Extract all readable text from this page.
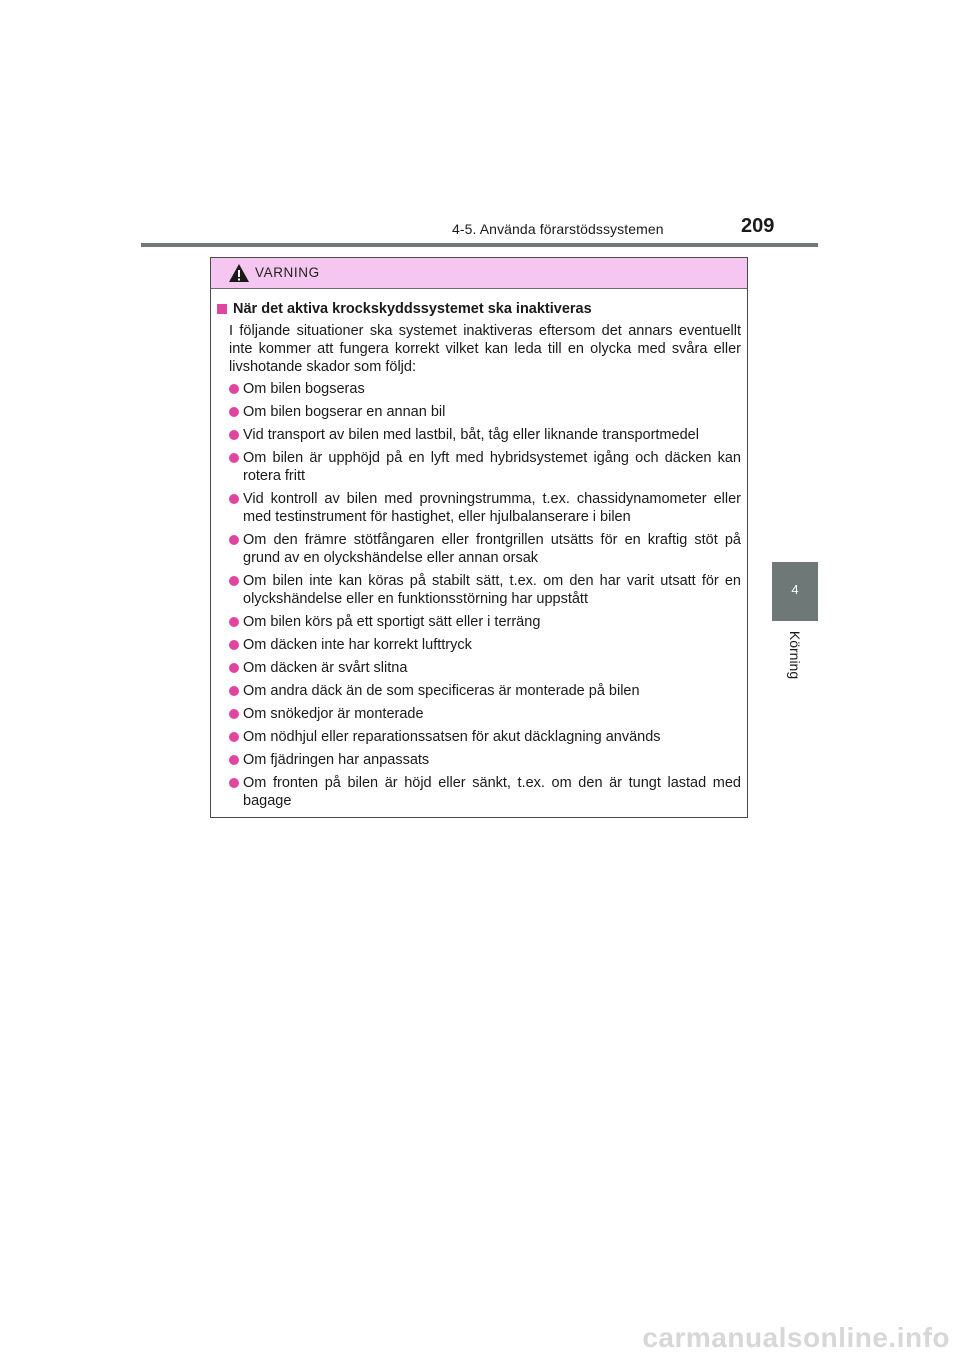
4-5. Använda förarstödssystemen	209
4
Körning
VARNING
När det aktiva krockskyddssystemet ska inaktiveras
I följande situationer ska systemet inaktiveras eftersom det annars eventuellt inte kommer att fungera korrekt vilket kan leda till en olycka med svåra eller livshotande skador som följd:
Om bilen bogseras
Om bilen bogserar en annan bil
Vid transport av bilen med lastbil, båt, tåg eller liknande transportmedel
Om bilen är upphöjd på en lyft med hybridsystemet igång och däcken kan rotera fritt
Vid kontroll av bilen med provningstrumma, t.ex. chassidynamometer eller med testinstrument för hastighet, eller hjulbalanserare i bilen
Om den främre stötfångaren eller frontgrillen utsätts för en kraftig stöt på grund av en olyckshändelse eller annan orsak
Om bilen inte kan köras på stabilt sätt, t.ex. om den har varit utsatt för en olyckshändelse eller en funktionsstörning har uppstått
Om bilen körs på ett sportigt sätt eller i terräng
Om däcken inte har korrekt lufttryck
Om däcken är svårt slitna
Om andra däck än de som specificeras är monterade på bilen
Om snökedjor är monterade
Om nödhjul eller reparationssatsen för akut däcklagning används
Om fjädringen har anpassats
Om fronten på bilen är höjd eller sänkt, t.ex. om den är tungt lastad med bagage
carmanualsonline.info
